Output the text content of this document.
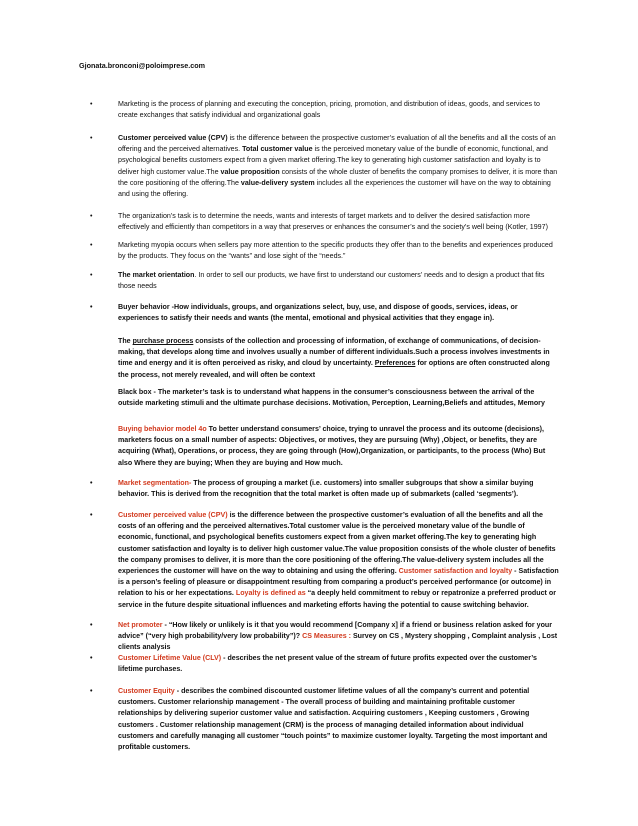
Gjonata.bronconi@poloimprese.com
•	Marketing is the process of planning and executing the conception, pricing, promotion, and distribution of ideas, goods, and services to create exchanges that satisfy individual and organizational goals
•	Customer perceived value (CPV) is the difference between the prospective customer’s evaluation of all the benefits and all the costs of an offering and the perceived alternatives. Total customer value is the perceived monetary value of the bundle of economic, functional, and psychological benefits customers expect from a given market offering.The key to generating high customer satisfaction and loyalty is to deliver high customer value.The value proposition consists of the whole cluster of benefits the company promises to deliver, it is more than the core positioning of the offering.The value-delivery system includes all the experiences the customer will have on the way to obtaining and using the offering.
•	The organization’s task is to determine the needs, wants and interests of target markets and to deliver the desired satisfaction more effectively and efficiently than competitors in a way that preserves or enhances the consumer’s and the society’s well being (Kotler, 1997)
•	Marketing myopia occurs when sellers pay more attention to the specific products they offer than to the benefits and experiences produced by the products. They focus on the “wants” and lose sight of the “needs.”
•	The market orientation. In order to sell our products, we have first to understand our customers’ needs and to design a product that fits those needs
•	Buyer behavior -How individuals, groups, and organizations select, buy, use, and dispose of goods, services, ideas, or experiences to satisfy their needs and wants (the mental, emotional and physical activities that they engage in).
The purchase process consists of the collection and processing of information, of exchange of communications, of decision-making, that develops along time and involves usually a number of different individuals.Such a process involves investments in time and energy and it is often perceived as risky, and cloud by uncertainty. Preferences for options are often constructed along the process, not merely revealed, and will often be context
Black box - The marketer’s task is to understand what happens in the consumer’s consciousness between the arrival of the outside marketing stimuli and the ultimate purchase decisions. Motivation, Perception, Learning,Beliefs and attitudes, Memory
Buying behavior model 4o To better understand consumers’ choice, trying to unravel the process and its outcome (decisions), marketers focus on a small number of aspects: Objectives, or motives, they are pursuing (Why) ,Object, or benefits, they are acquiring (What), Operations, or process, they are going through (How),Organization, or participants, to the process (Who) But also Where they are buying; When they are buying and How much.
•	Market segmentation- The process of grouping a market (i.e. customers) into smaller subgroups that show a similar buying behavior. This is derived from the recognition that the total market is often made up of submarkets (called ‘segments’).
•	Customer perceived value (CPV) is the difference between the prospective customer’s evaluation of all the benefits and all the costs of an offering and the perceived alternatives.Total customer value is the perceived monetary value of the bundle of economic, functional, and psychological benefits customers expect from a given market offering.The key to generating high customer satisfaction and loyalty is to deliver high customer value.The value proposition consists of the whole cluster of benefits the company promises to deliver, it is more than the core positioning of the offering.The value-delivery system includes all the experiences the customer will have on the way to obtaining and using the offering. Customer satisfaction and loyalty - Satisfaction is a person’s feeling of pleasure or disappointment resulting from comparing a product’s perceived performance (or outcome) in relation to his or her expectations. Loyalty is defined as “a deeply held commitment to rebuy or repatronize a preferred product or service in the future despite situational influences and marketing efforts having the potential to cause switching behavior.
•	Net promoter - “How likely or unlikely is it that you would recommend [Company x] if a friend or business relation asked for your advice” (“very high probability/very low probability”)? CS Measures : Survey on CS , Mystery shopping , Complaint analysis , Lost clients analysis
•	Customer Lifetime Value (CLV) - describes the net present value of the stream of future profits expected over the customer’s lifetime purchases.
•	Customer Equity - describes the combined discounted customer lifetime values of all the company’s current and potential customers. Customer relarionship management - The overall process of building and maintaining profitable customer relationships by delivering superior customer value and satisfaction. Acquiring customers , Keeping customers , Growing customers . Customer relationship management (CRM) is the process of managing detailed information about individual customers and carefully managing all customer “touch points” to maximize customer loyalty. Targeting the most important and profitable customers.
